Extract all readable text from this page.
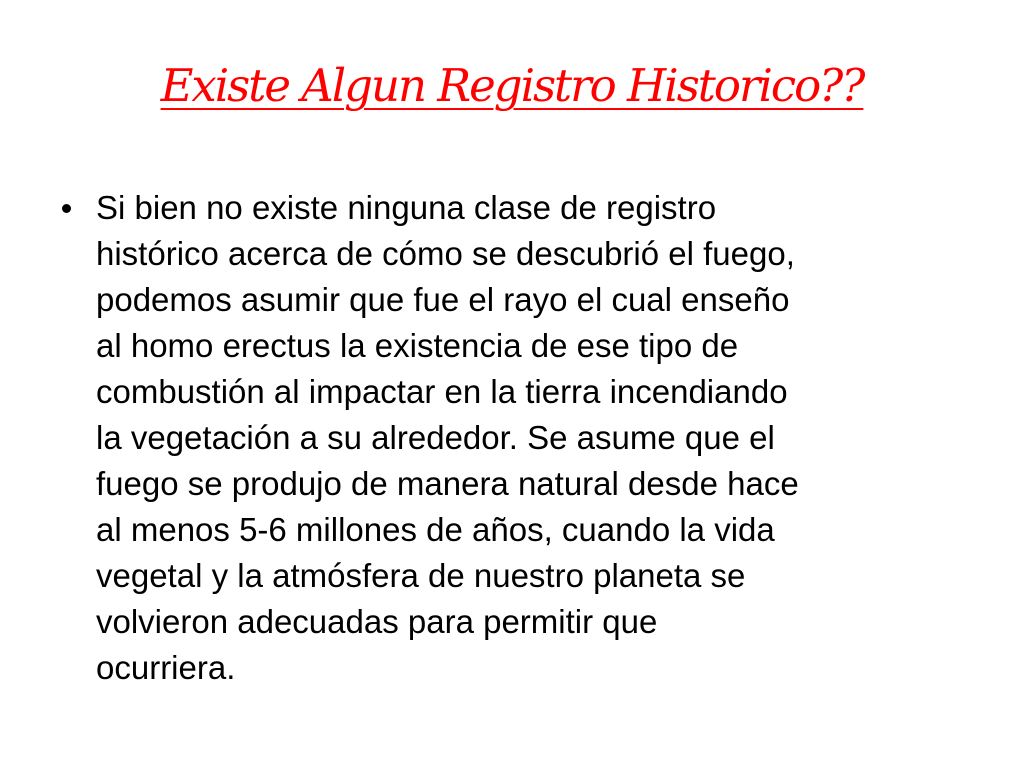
Existe Algun Registro Historico??
Si bien no existe ninguna clase de registro
histórico acerca de cómo se descubrió el fuego,
podemos asumir que fue el rayo el cual enseño
al homo erectus la existencia de ese tipo de
combustión al impactar en la tierra incendiando
la vegetación a su alrededor. Se asume que el
fuego se produjo de manera natural desde hace
al menos 5-6 millones de años, cuando la vida
vegetal y la atmósfera de nuestro planeta se
volvieron adecuadas para permitir que
ocurriera.
